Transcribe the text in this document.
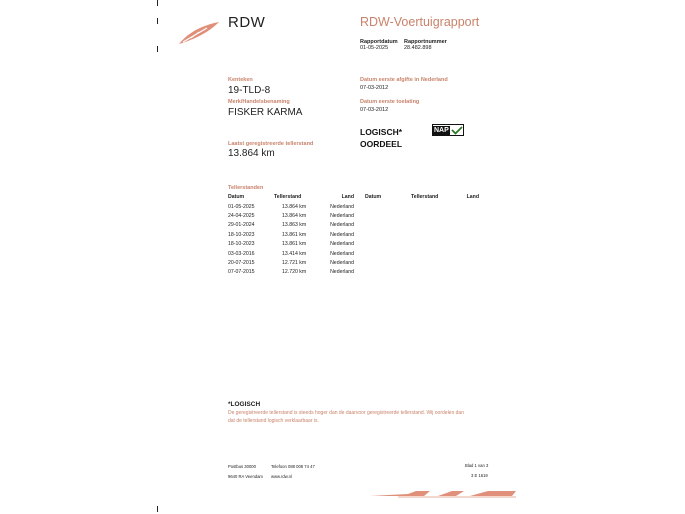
RDW	RDW-Voertuigrapport
Rapportdatum Rapportnummer
01-05-2025	28.482.898
Kenteken
19-TLD-8
Merk/Handelsbenaming
FISKER KARMA
Laatst geregistreerde tellerstand
13.864 km
Datum eerste afgifte in Nederland
07-03-2012
Datum eerste toelating
07-03-2012
LOGISCH*
OORDEEL
NAP
Tellerstanden
Datum	Tellerstand	Land
01-05-2025	13.864 km	Nederland
24-04-2025	13.864 km	Nederland
29-01-2024	13.863 km	Nederland
18-10-2023	13.861 km	Nederland
18-10-2023	13.861 km	Nederland
03-03-2016	13.414 km	Nederland
20-07-2015	12.721 km	Nederland
07-07-2015	12.720 km	Nederland
Datum	Tellerstand	Land
*LOGISCH
De geregistreerde tellerstand is steeds hoger dan de daarvoor geregistreerde tellerstand. Wij oordelen dan
dat de tellerstand logisch verklaarbaar is.
Postbus 30000
9640 RA Veendam
Telefoon 088 008 74 47
www.rdw.nl
Blad 1 van 3
3 E 1619
